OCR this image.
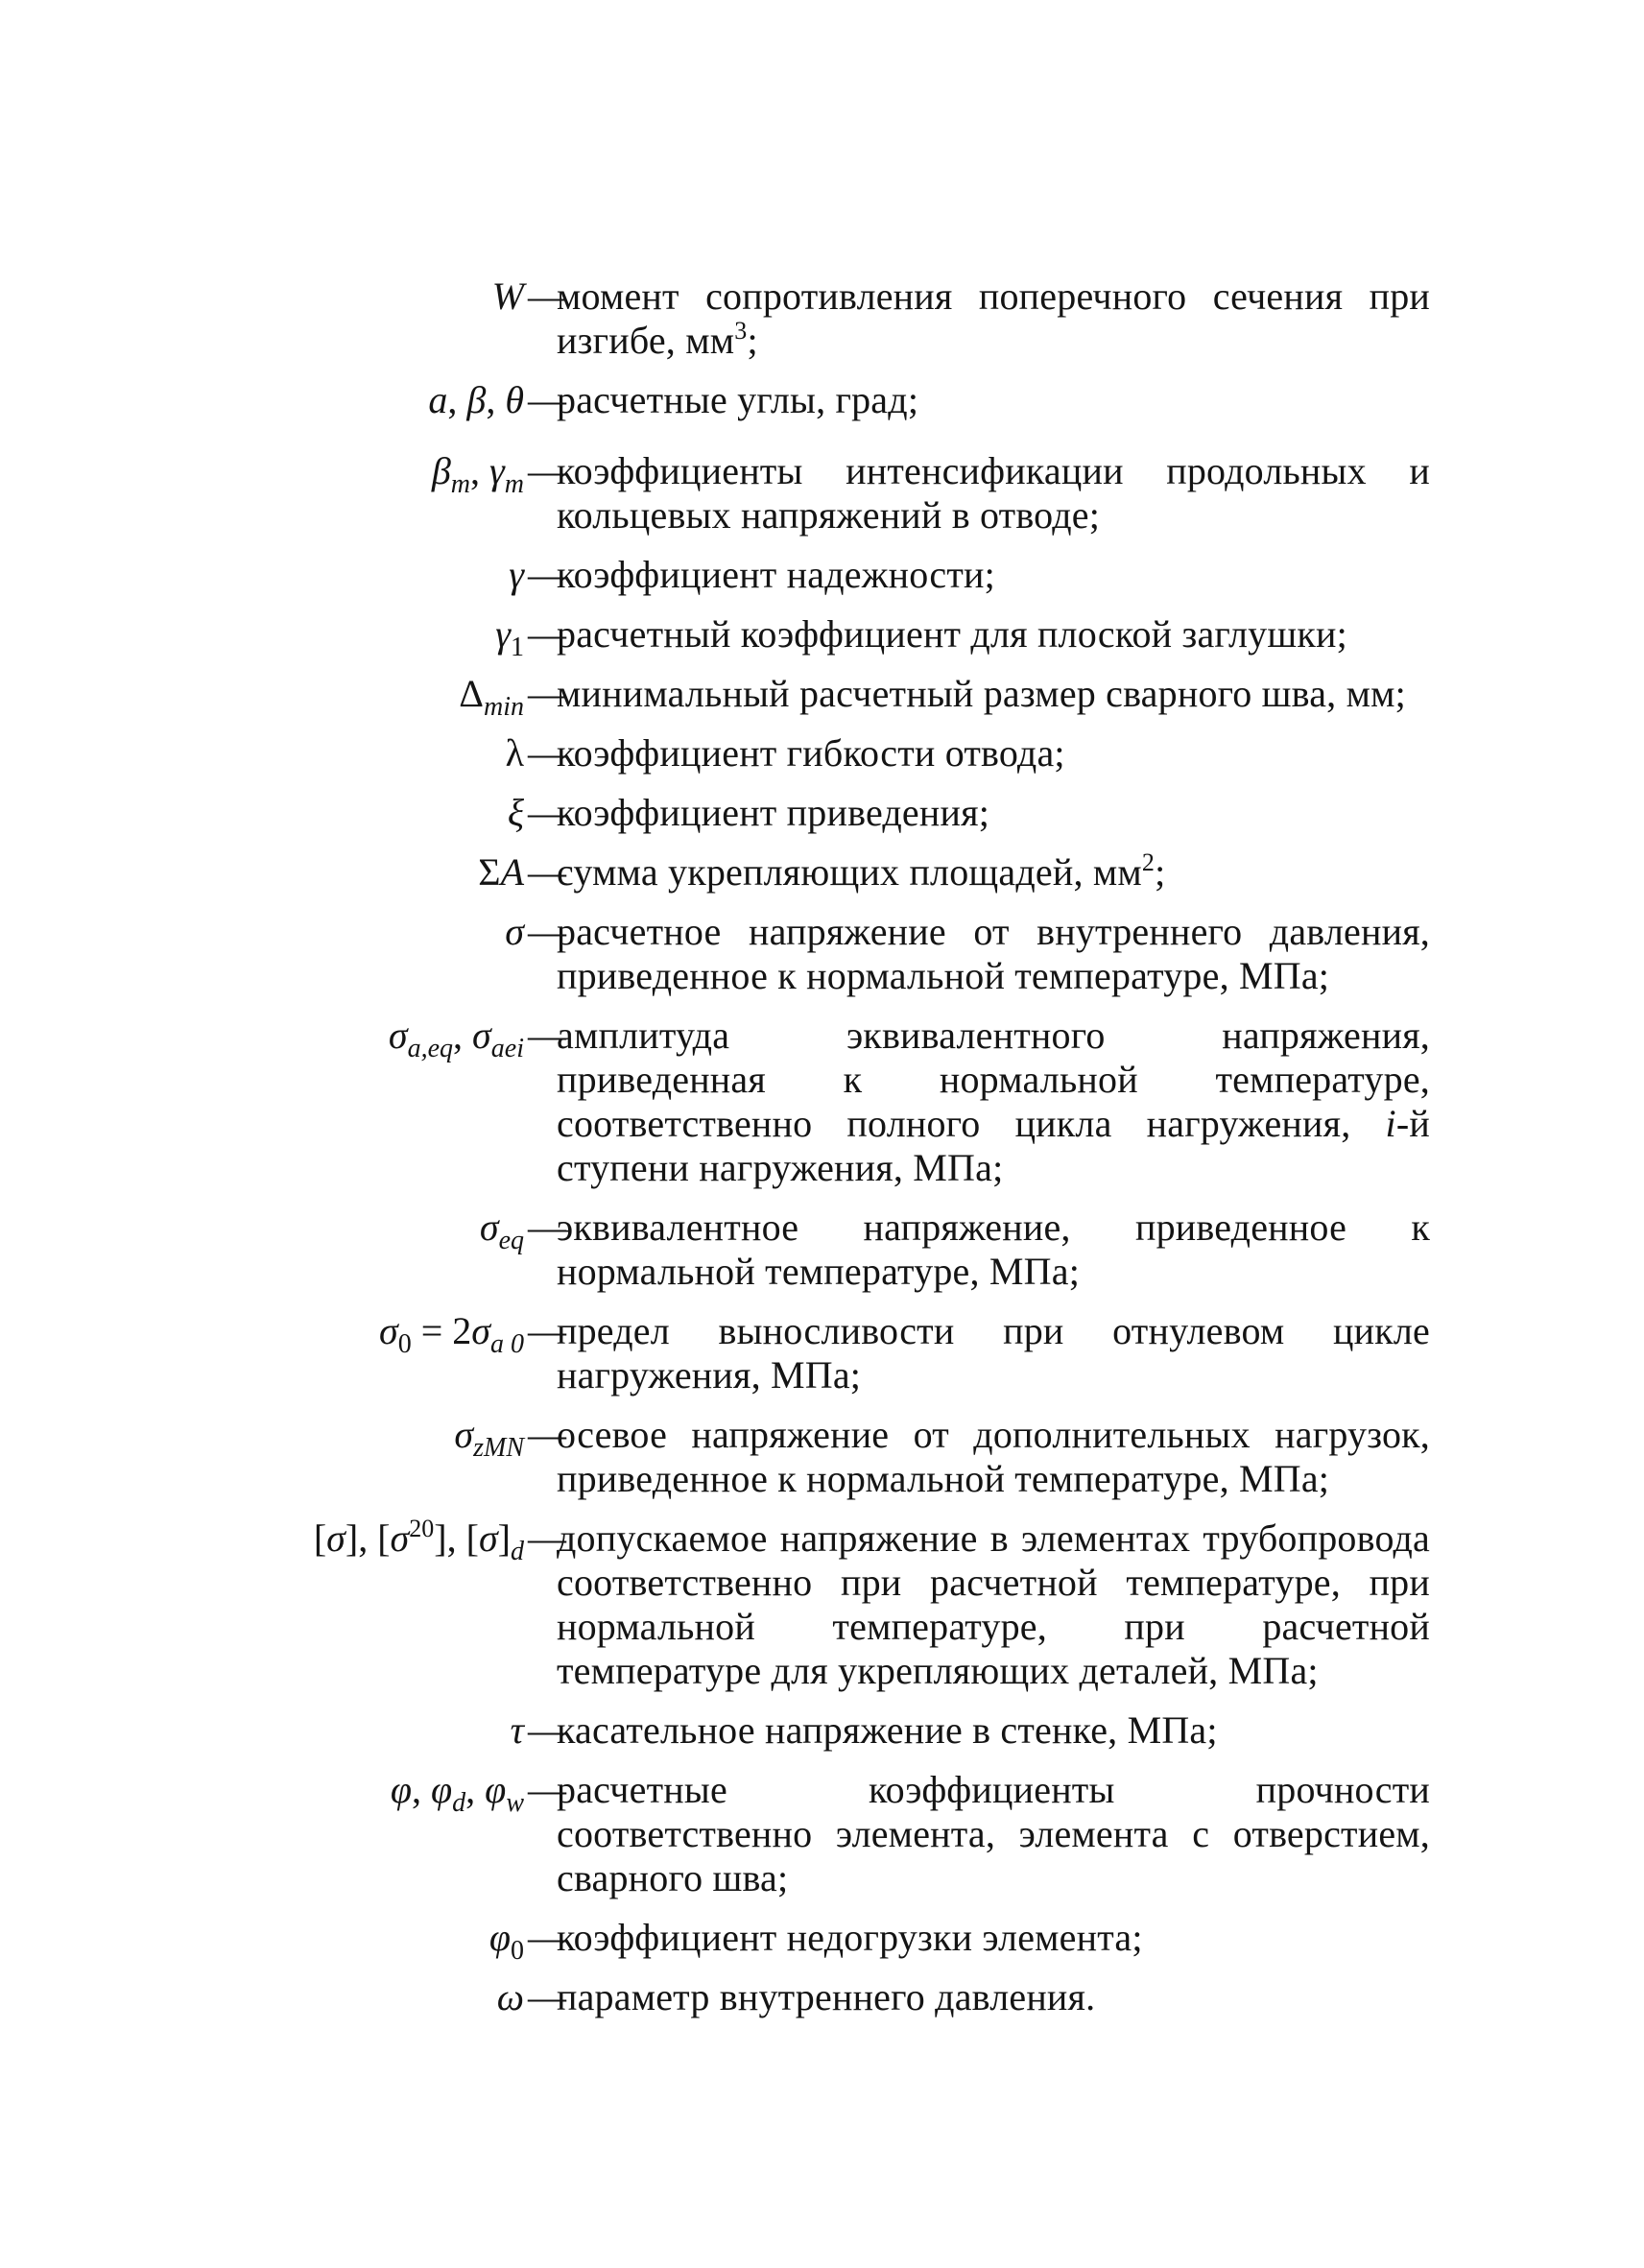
W —
момент сопротивления поперечного сечения при изгибе, $мм^3$;
a, β, θ —
расчетные углы, град;
$\beta_m$, $\gamma_m$ —
коэффициенты интенсификации продольных и кольцевых напряжений в отводе;
γ —
коэффициент надежности;
$\gamma_1$ —
расчетный коэффициент для плоской заглушки;
$\Delta_{min}$ —
минимальный расчетный размер сварного шва, мм;
λ —
коэффициент гибкости отвода;
ξ —
коэффициент приведения;
ΣA —
сумма укрепляющих площадей, $мм^2$;
σ —
расчетное напряжение от внутреннего давления, приведенное к нормальной температуре, МПа;
$\sigma_{a,eq}$, $\sigma_{aei}$ —
амплитуда эквивалентного напряжения, приведенная к нормальной температуре, соответственно полного цикла нагружения, i-й ступени нагружения, МПа;
$\sigma_{eq}$ —
эквивалентное напряжение, приведенное к нормальной температуре, МПа;
$\sigma_0 = 2\sigma_{a 0}$ —
предел выносливости при отнулевом цикле нагружения, МПа;
$\sigma_{zMN}$ —
осевое напряжение от дополнительных нагрузок, приведенное к нормальной температуре, МПа;
[σ], $[\sigma^{20}]$, $[\sigma]_d$ —
допускаемое напряжение в элементах трубопровода соответственно при расчетной температуре, при нормальной температуре, при расчетной температуре для укрепляющих деталей, МПа;
τ —
касательное напряжение в стенке, МПа;
φ, $\varphi_d$, $\varphi_w$ —
расчетные коэффициенты прочности соответственно элемента, элемента с отверстием, сварного шва;
$\varphi_0$ —
коэффициент недогрузки элемента;
ω —
параметр внутреннего давления.
